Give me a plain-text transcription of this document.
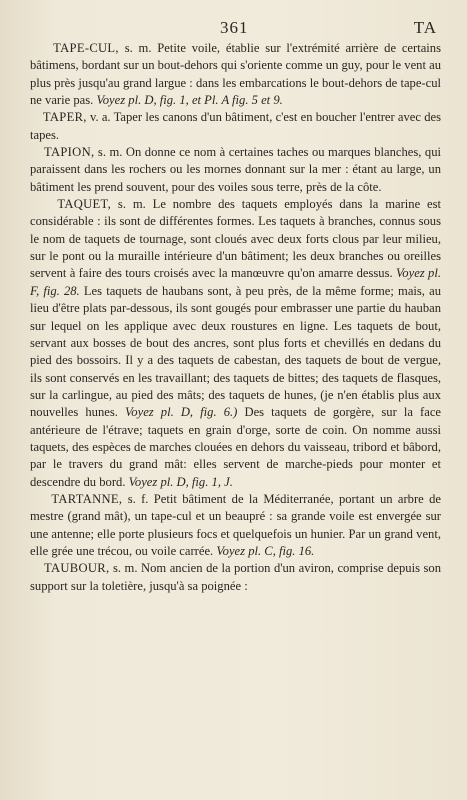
361	TA

TAPE-CUL, s. m. Petite voile, établie sur l'extrémité arrière de certains bâtimens, bordant sur un bout-dehors qui s'oriente comme un guy, pour le vent au plus près jusqu'au grand largue : dans les embarcations le bout-dehors de tape-cul ne varie pas. Voyez pl. D, fig. 1, et Pl. A fig. 5 et 9.

TAPER, v. a. Taper les canons d'un bâtiment, c'est en boucher l'entrer avec des tapes.

TAPION, s. m. On donne ce nom à certaines taches ou marques blanches, qui paraissent dans les rochers ou les mornes donnant sur la mer : étant au large, un bâtiment les prend souvent, pour des voiles sous terre, près de la côte.

TAQUET, s. m. Le nombre des taquets employés dans la marine est considérable : ils sont de différentes formes. Les taquets à branches, connus sous le nom de taquets de tournage, sont cloués avec deux forts clous par leur milieu, sur le pont ou la muraille intérieure d'un bâtiment; les deux branches ou oreilles servent à faire des tours croisés avec la manœuvre qu'on amarre dessus. Voyez pl. F, fig. 28. Les taquets de haubans sont, à peu près, de la même forme; mais, au lieu d'être plats par-dessous, ils sont gougés pour embrasser une partie du hauban sur lequel on les applique avec deux roustures en ligne. Les taquets de bout, servant aux bosses de bout des ancres, sont plus forts et chevillés en dedans du pied des bossoirs. Il y a des taquets de cabestan, des taquets de bout de vergue, ils sont conservés en les travaillant; des taquets de bittes; des taquets de flasques, sur la carlingue, au pied des mâts; des taquets de hunes, (je n'en établis plus aux nouvelles hunes. Voyez pl. D, fig. 6.) Des taquets de gorgère, sur la face antérieure de l'étrave; taquets en grain d'orge, sorte de coin. On nomme aussi taquets, des espèces de marches clouées en dehors du vaisseau, tribord et bâbord, par le travers du grand mât: elles servent de marche-pieds pour monter et descendre du bord. Voyez pl. D, fig. 1, J.

TARTANNE, s. f. Petit bâtiment de la Méditerranée, portant un arbre de mestre (grand mât), un tape-cul et un beaupré : sa grande voile est envergée sur une antenne; elle porte plusieurs focs et quelquefois un hunier. Par un grand vent, elle grée une trécou, ou voile carrée. Voyez pl. C, fig. 16.

TAUBOUR, s. m. Nom ancien de la portion d'un aviron, comprise depuis son support sur la toletière, jusqu'à sa poignée :
